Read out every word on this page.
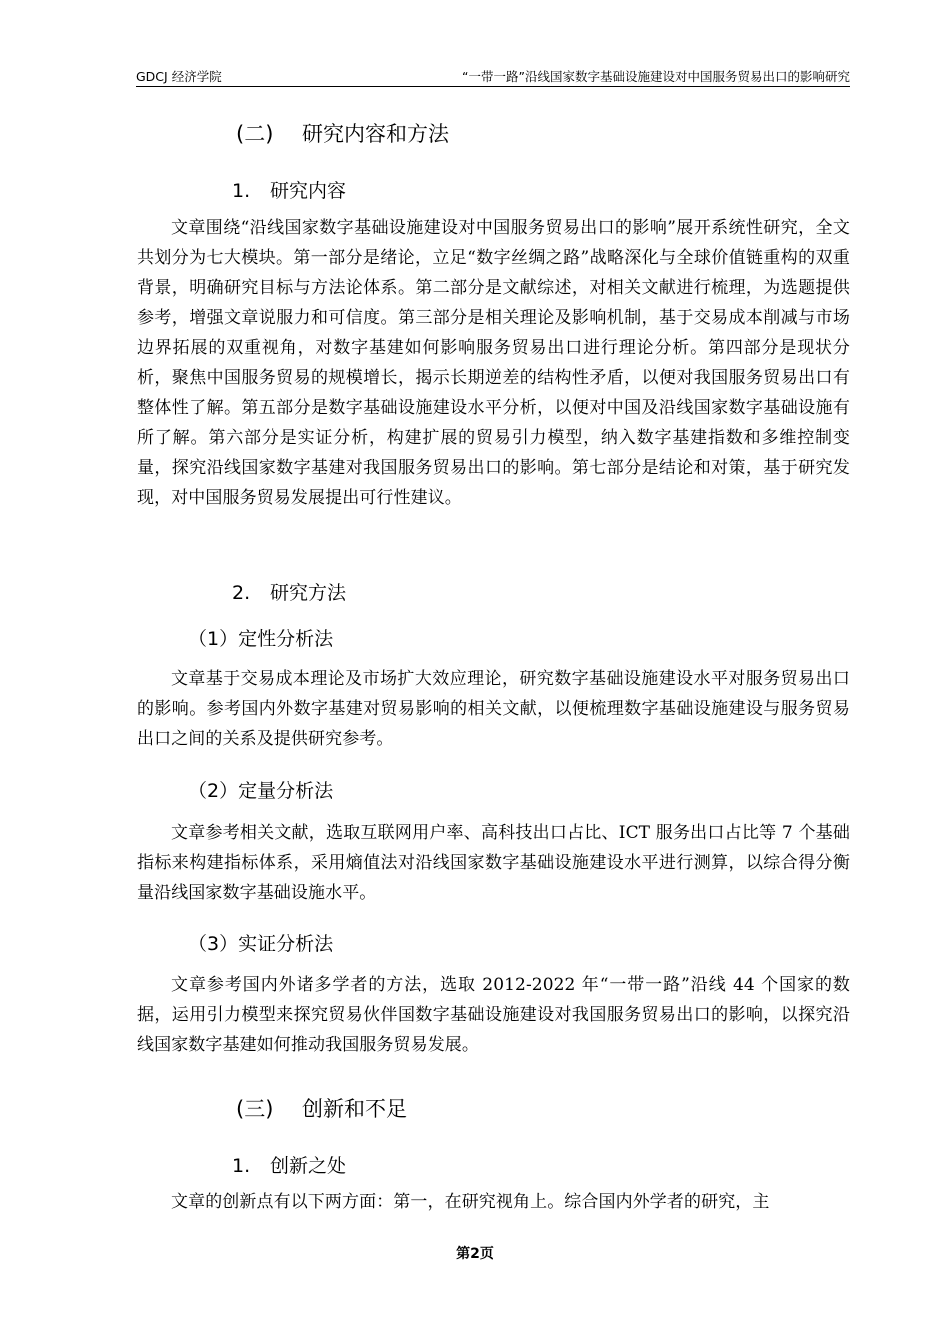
GDCJ 经济学院	“一带一路”沿线国家数字基础设施建设对中国服务贸易出口的影响研究
(二) 研究内容和方法
1. 研究内容

文章围绕“沿线国家数字基础设施建设对中国服务贸易出口的影响”展开系统性研究，全文共划分为七大模块。第一部分是绪论，立足“数字丝绸之路”战略深化与全球价值链重构的双重背景，明确研究目标与方法论体系。第二部分是文献综述，对相关文献进行梳理，为选题提供参考，增强文章说服力和可信度。第三部分是相关理论及影响机制，基于交易成本削减与市场边界拓展的双重视角，对数字基建如何影响服务贸易出口进行理论分析。第四部分是现状分析，聚焦中国服务贸易的规模增长，揭示长期逆差的结构性矛盾，以便对我国服务贸易出口有整体性了解。第五部分是数字基础设施建设水平分析，以便对中国及沿线国家数字基础设施有所了解。第六部分是实证分析，构建扩展的贸易引力模型，纳入数字基建指数和多维控制变量，探究沿线国家数字基建对我国服务贸易出口的影响。第七部分是结论和对策，基于研究发现，对中国服务贸易发展提出可行性建议。

2. 研究方法
（1）定性分析法

文章基于交易成本理论及市场扩大效应理论，研究数字基础设施建设水平对服务贸易出口的影响。参考国内外数字基建对贸易影响的相关文献，以便梳理数字基础设施建设与服务贸易出口之间的关系及提供研究参考。

（2）定量分析法

文章参考相关文献，选取互联网用户率、高科技出口占比、ICT 服务出口占比等 7 个基础指标来构建指标体系，采用熵值法对沿线国家数字基础设施建设水平进行测算，以综合得分衡量沿线国家数字基础设施水平。

（3）实证分析法

文章参考国内外诸多学者的方法，选取 2012-2022 年“一带一路”沿线 44 个国家的数据，运用引力模型来探究贸易伙伴国数字基础设施建设对我国服务贸易出口的影响，以探究沿线国家数字基建如何推动我国服务贸易发展。

(三) 创新和不足
1. 创新之处

文章的创新点有以下两方面：第一，在研究视角上。综合国内外学者的研究，主

第2页
